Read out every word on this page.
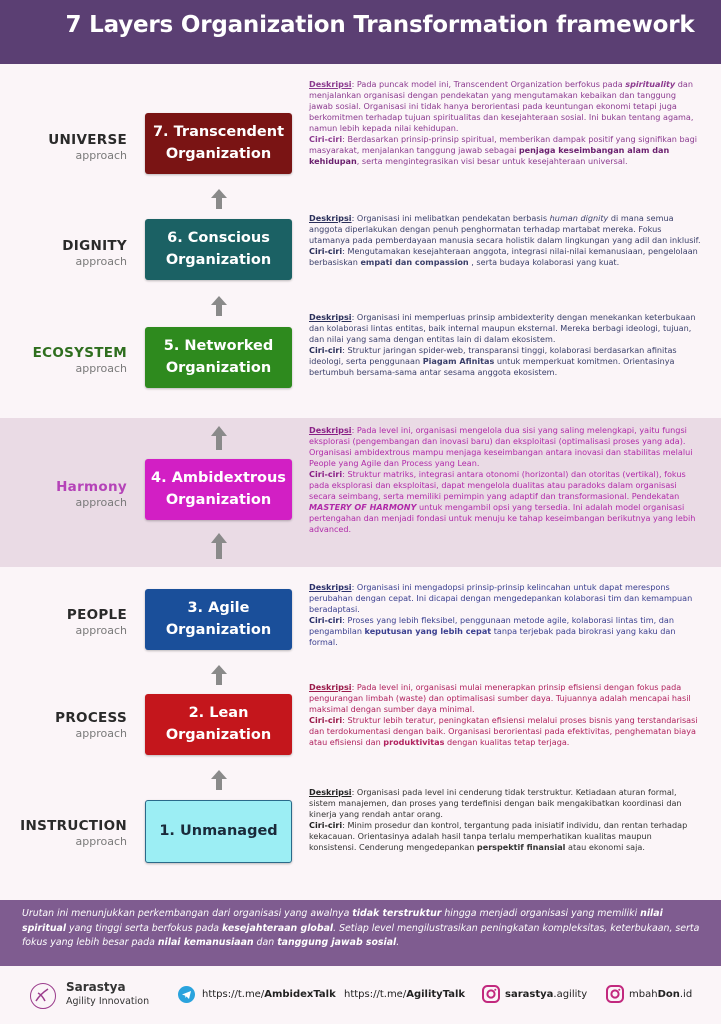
7 Layers Organization Transformation framework
UNIVERSE
approach
7. Transcendent
Organization

Deskripsi: Pada puncak model ini, Transcendent Organization berfokus pada spirituality dan menjalankan organisasi dengan pendekatan yang mengutamakan kebaikan dan tanggung jawab sosial. Organisasi ini tidak hanya berorientasi pada keuntungan ekonomi tetapi juga berkomitmen terhadap tujuan spiritualitas dan kesejahteraan sosial. Ini bukan tentang agama, namun lebih kepada nilai kehidupan.

Ciri-ciri: Berdasarkan prinsip-prinsip spiritual, memberikan dampak positif yang signifikan bagi masyarakat, menjalankan tanggung jawab sebagai penjaga keseimbangan alam dan kehidupan, serta mengintegrasikan visi besar untuk kesejahteraan universal.

DIGNITY
approach
6. Conscious
Organization

Deskripsi: Organisasi ini melibatkan pendekatan berbasis human dignity di mana semua anggota diperlakukan dengan penuh penghormatan terhadap martabat mereka. Fokus utamanya pada pemberdayaan manusia secara holistik dalam lingkungan yang adil dan inklusif.

Ciri-ciri: Mengutamakan kesejahteraan anggota, integrasi nilai-nilai kemanusiaan, pengelolaan berbasiskan empati dan compassion , serta budaya kolaborasi yang kuat.

ECOSYSTEM
approach
5. Networked
Organization

Deskripsi: Organisasi ini memperluas prinsip ambidexterity dengan menekankan keterbukaan dan kolaborasi lintas entitas, baik internal maupun eksternal. Mereka berbagi ideologi, tujuan, dan nilai yang sama dengan entitas lain di dalam ekosistem.

Ciri-ciri: Struktur jaringan spider-web, transparansi tinggi, kolaborasi berdasarkan afinitas ideologi, serta penggunaan Piagam Afinitas untuk memperkuat komitmen. Orientasinya bertumbuh bersama-sama antar sesama anggota ekosistem.

Harmony
approach
4. Ambidextrous
Organization

Deskripsi: Pada level ini, organisasi mengelola dua sisi yang saling melengkapi, yaitu fungsi eksplorasi (pengembangan dan inovasi baru) dan eksploitasi (optimalisasi proses yang ada). Organisasi ambidextrous mampu menjaga keseimbangan antara inovasi dan stabilitas melalui People yang Agile dan Process yang Lean.

Ciri-ciri: Struktur matriks, integrasi antara otonomi (horizontal) dan otoritas (vertikal), fokus pada eksplorasi dan eksploitasi, dapat mengelola dualitas atau paradoks dalam organisasi secara seimbang, serta memiliki pemimpin yang adaptif dan transformasional. Pendekatan MASTERY OF HARMONY untuk mengambil opsi yang tersedia. Ini adalah model organisasi pertengahan dan menjadi fondasi untuk menuju ke tahap keseimbangan berikutnya yang lebih advanced.

PEOPLE
approach
3. Agile
Organization

Deskripsi: Organisasi ini mengadopsi prinsip-prinsip kelincahan untuk dapat merespons perubahan dengan cepat. Ini dicapai dengan mengedepankan kolaborasi tim dan kemampuan beradaptasi.

Ciri-ciri: Proses yang lebih fleksibel, penggunaan metode agile, kolaborasi lintas tim, dan pengambilan keputusan yang lebih cepat tanpa terjebak pada birokrasi yang kaku dan formal.

PROCESS
approach
2. Lean
Organization

Deskripsi: Pada level ini, organisasi mulai menerapkan prinsip efisiensi dengan fokus pada pengurangan limbah (waste) dan optimalisasi sumber daya. Tujuannya adalah mencapai hasil maksimal dengan sumber daya minimal.

Ciri-ciri: Struktur lebih teratur, peningkatan efisiensi melalui proses bisnis yang terstandarisasi dan terdokumentasi dengan baik. Organisasi berorientasi pada efektivitas, penghematan biaya atau efisiensi dan produktivitas dengan kualitas tetap terjaga.

INSTRUCTION
approach
1. Unmanaged

Deskripsi: Organisasi pada level ini cenderung tidak terstruktur. Ketiadaan aturan formal, sistem manajemen, dan proses yang terdefinisi dengan baik mengakibatkan koordinasi dan kinerja yang rendah antar orang.

Ciri-ciri: Minim prosedur dan kontrol, tergantung pada inisiatif individu, dan rentan terhadap kekacauan. Orientasinya adalah hasil tanpa terlalu memperhatikan kualitas maupun konsistensi. Cenderung mengedepankan perspektif finansial atau ekonomi saja.

Urutan ini menunjukkan perkembangan dari organisasi yang awalnya tidak terstruktur hingga menjadi organisasi yang memiliki nilai spiritual yang tinggi serta berfokus pada kesejahteraan global. Setiap level mengilustrasikan peningkatan kompleksitas, keterbukaan, serta fokus yang lebih besar pada nilai kemanusiaan dan tanggung jawab sosial.
Sarastya
Agility Innovation
https://t.me/AmbidexTalk https://t.me/AgilityTalk	sarastya.agility	mbahDon.id
